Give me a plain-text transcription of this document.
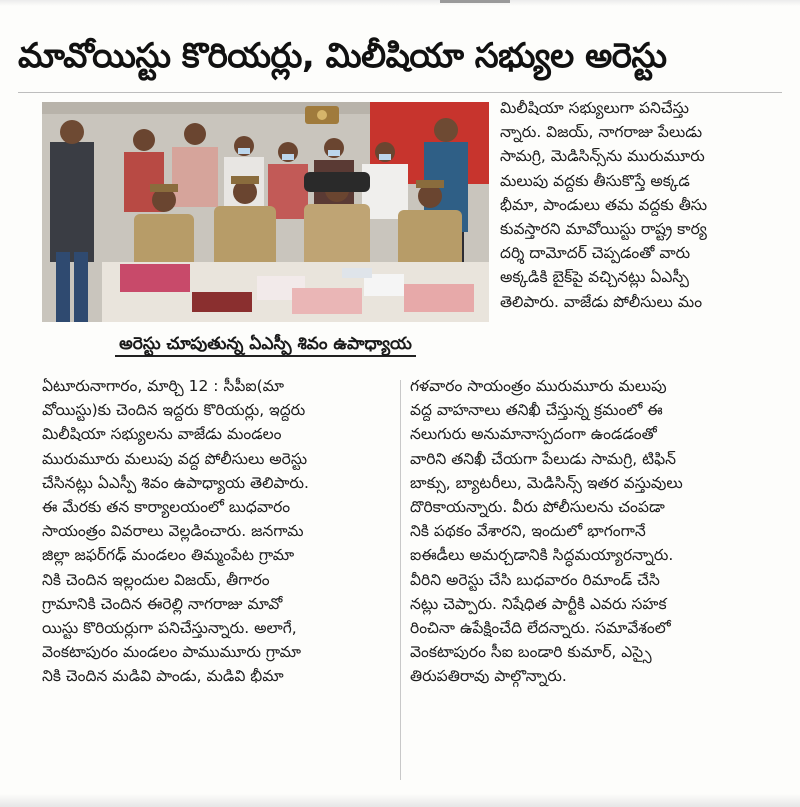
మావోయిస్టు కొరియర్లు, మిలీషియా సభ్యుల అరెస్టు
అరెస్టు చూపుతున్న ఏఎస్పీ శివం ఉపాధ్యాయ
మిలీషియా సభ్యులుగా పనిచేస్తు
న్నారు. విజయ్, నాగరాజు పేలుడు
సామగ్రి, మెడిసిన్స్‌ను మురుమూరు
మలుపు వద్దకు తీసుకొస్తే అక్కడ
భీమా, పాండులు తమ వద్దకు తీసు
కువస్తారని మావోయిస్టు రాష్ట్ర కార్య
దర్శి దామోదర్ చెప్పడంతో వారు
అక్కడికి బైక్‌పై వచ్చినట్లు ఏఎస్పీ
తెలిపారు. వాజేడు పోలీసులు మం
ఏటూరునాగారం, మార్చి 12 : సీపీఐ(మా
వోయిస్టు)కు చెందిన ఇద్దరు కొరియర్లు, ఇద్దరు
మిలీషియా సభ్యులను వాజేడు మండలం
మురుమూరు మలుపు వద్ద పోలీసులు అరెస్టు
చేసినట్లు ఏఎస్పీ శివం ఉపాధ్యాయ తెలిపారు.
ఈ మేరకు తన కార్యాలయంలో బుధవారం
సాయంత్రం వివరాలు వెల్లడించారు. జనగామ
జిల్లా జఫర్‌గఢ్ మండలం తిమ్మంపేట గ్రామా
నికి చెందిన ఇల్లందుల విజయ్, తీగారం
గ్రామానికి చెందిన ఈరెల్లి నాగరాజు మావో
యిస్టు కొరియర్లుగా పనిచేస్తున్నారు. అలాగే,
వెంకటాపురం మండలం పాముమూరు గ్రామా
నికి చెందిన మడివి పాండు, మడివి భీమా
గళవారం సాయంత్రం మురుమూరు మలుపు
వద్ద వాహనాలు తనిఖీ చేస్తున్న క్రమంలో ఈ
నలుగురు అనుమానాస్పదంగా ఉండడంతో
వారిని తనిఖీ చేయగా పేలుడు సామగ్రి, టిఫిన్
బాక్సు, బ్యాటరీలు, మెడిసిన్స్ ఇతర వస్తువులు
దొరికాయన్నారు. వీరు పోలీసులను చంపడా
నికి పథకం వేశారని, ఇందులో భాగంగానే
ఐఈడీలు అమర్చడానికి సిద్ధమయ్యారన్నారు.
వీరిని అరెస్టు చేసి బుధవారం రిమాండ్ చేసి
నట్లు చెప్పారు. నిషేధిత పార్టీకి ఎవరు సహక
రించినా ఉపేక్షించేది లేదన్నారు. సమావేశంలో
వెంకటాపురం సీఐ బండారి కుమార్, ఎస్సై
తిరుపతిరావు పాల్గొన్నారు.
